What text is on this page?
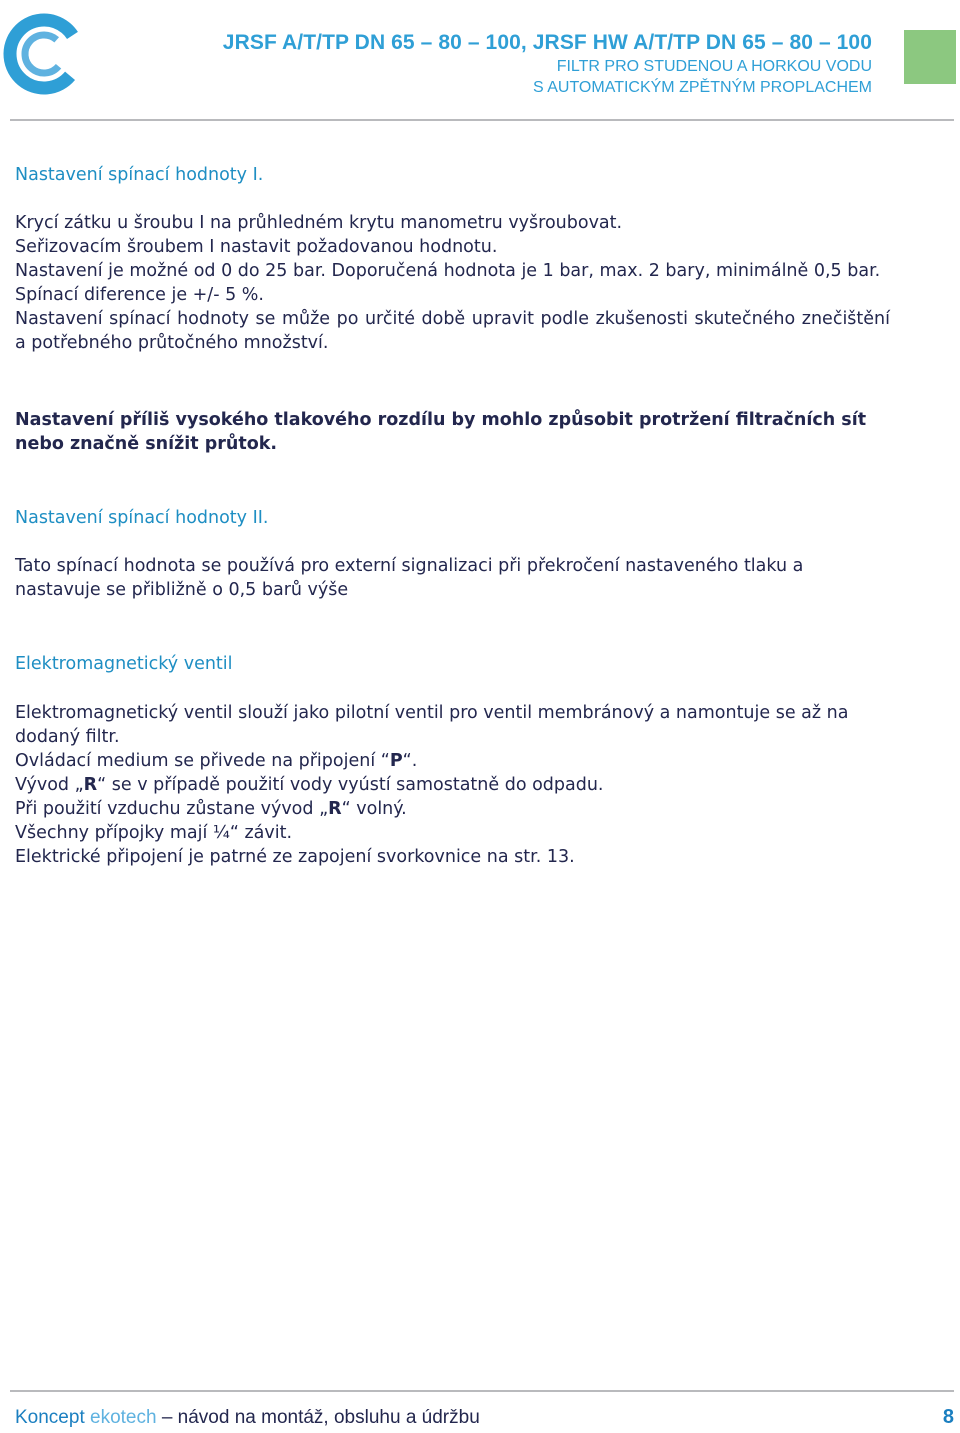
JRSF A/T/TP DN 65 – 80 – 100, JRSF HW A/T/TP DN 65 – 80 – 100
FILTR PRO STUDENOU A HORKOU VODU
S AUTOMATICKÝM ZPĚTNÝM PROPLACHEM
Nastavení spínací hodnoty I.

Krycí zátku u šroubu I na průhledném krytu manometru vyšroubovat.

Seřizovacím šroubem I nastavit požadovanou hodnotu.

Nastavení je možné od 0 do 25 bar. Doporučená hodnota je 1 bar, max. 2 bary, minimálně 0,5 bar.

Spínací diference je +/- 5 %.

Nastavení spínací hodnoty se může po určité době upravit podle zkušenosti skutečného znečištění a potřebného průtočného množství.

Nastavení příliš vysokého tlakového rozdílu by mohlo způsobit protržení filtračních sít nebo značně snížit průtok.

Nastavení spínací hodnoty II.

Tato spínací hodnota se používá pro externí signalizaci při překročení nastaveného tlaku a nastavuje se přibližně o 0,5 barů výše

Elektromagnetický ventil

Elektromagnetický ventil slouží jako pilotní ventil pro ventil membránový a namontuje se až na dodaný filtr.

Ovládací medium se přivede na připojení “P“.

Vývod „R“ se v případě použití vody vyústí samostatně do odpadu.

Při použití vzduchu zůstane vývod „R“ volný.

Všechny přípojky mají ¼“ závit.

Elektrické připojení je patrné ze zapojení svorkovnice na str. 13.

Koncept ekotech – návod na montáž, obsluhu a údržbu	8
